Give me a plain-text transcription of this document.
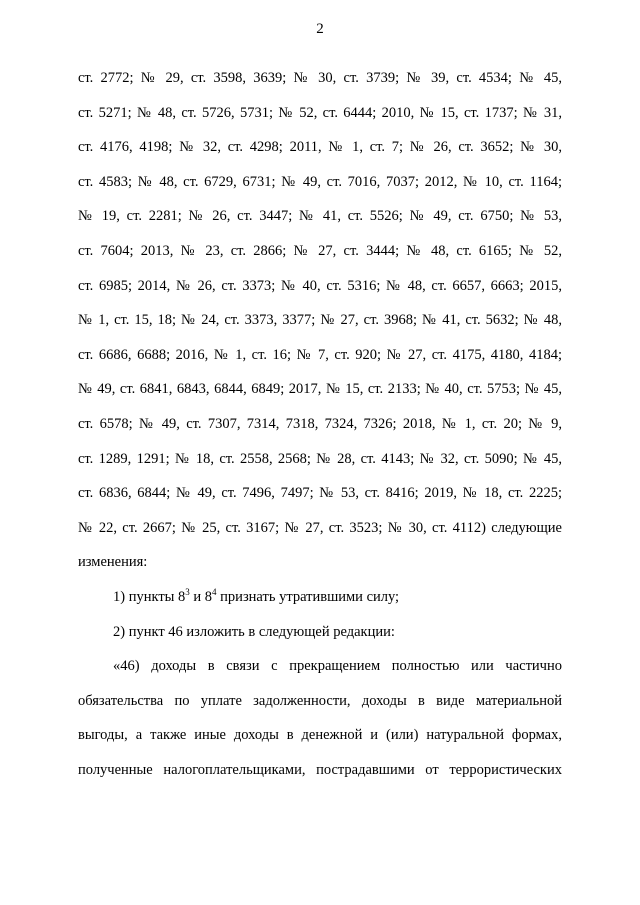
2
ст. 2772; № 29, ст. 3598, 3639; № 30, ст. 3739; № 39, ст. 4534; № 45,
ст. 5271; № 48, ст. 5726, 5731; № 52, ст. 6444; 2010, № 15, ст. 1737; № 31,
ст. 4176, 4198; № 32, ст. 4298; 2011, № 1, ст. 7; № 26, ст. 3652; № 30,
ст. 4583; № 48, ст. 6729, 6731; № 49, ст. 7016, 7037; 2012, № 10, ст. 1164;
№ 19, ст. 2281; № 26, ст. 3447; № 41, ст. 5526; № 49, ст. 6750; № 53,
ст. 7604; 2013, № 23, ст. 2866; № 27, ст. 3444; № 48, ст. 6165; № 52,
ст. 6985; 2014, № 26, ст. 3373; № 40, ст. 5316; № 48, ст. 6657, 6663; 2015,
№ 1, ст. 15, 18; № 24, ст. 3373, 3377; № 27, ст. 3968; № 41, ст. 5632; № 48,
ст. 6686, 6688; 2016, № 1, ст. 16; № 7, ст. 920; № 27, ст. 4175, 4180, 4184;
№ 49, ст. 6841, 6843, 6844, 6849; 2017, № 15, ст. 2133; № 40, ст. 5753; № 45,
ст. 6578; № 49, ст. 7307, 7314, 7318, 7324, 7326; 2018, № 1, ст. 20; № 9,
ст. 1289, 1291; № 18, ст. 2558, 2568; № 28, ст. 4143; № 32, ст. 5090; № 45,
ст. 6836, 6844; № 49, ст. 7496, 7497; № 53, ст. 8416; 2019, № 18, ст. 2225;
№ 22, ст. 2667; № 25, ст. 3167; № 27, ст. 3523; № 30, ст. 4112) следующие
изменения:
1) пункты $8^3$ и $8^4$ признать утратившими силу;
2) пункт 46 изложить в следующей редакции:
«46) доходы в связи с прекращением полностью или частично
обязательства по уплате задолженности, доходы в виде материальной
выгоды, а также иные доходы в денежной и (или) натуральной формах,
полученные налогоплательщиками, пострадавшими от террористических
